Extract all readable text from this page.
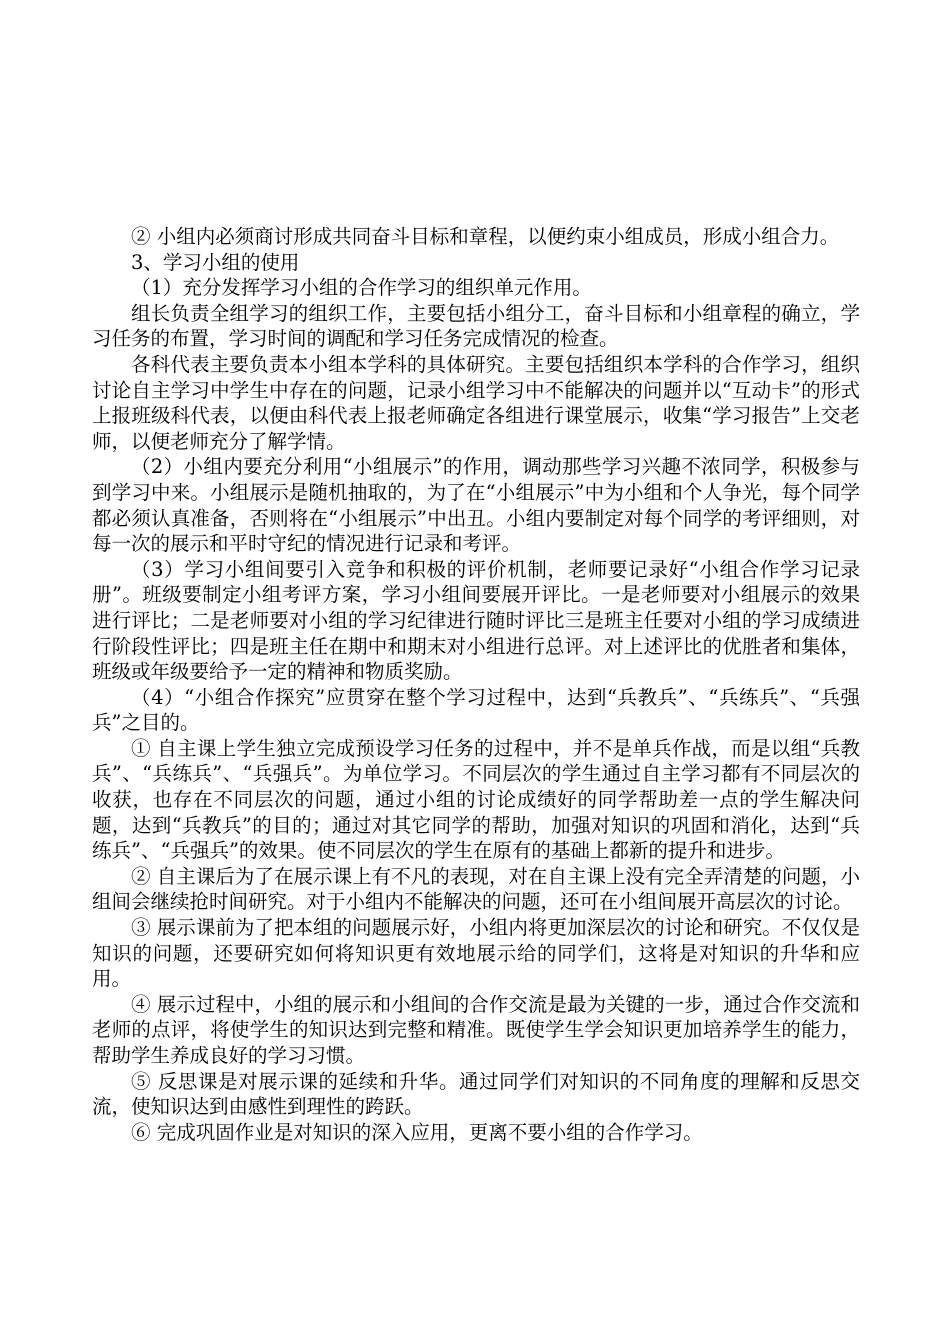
② 小组内必须商讨形成共同奋斗目标和章程，以便约束小组成员，形成小组合力。

3、学习小组的使用

（1）充分发挥学习小组的合作学习的组织单元作用。

组长负责全组学习的组织工作，主要包括小组分工，奋斗目标和小组章程的确立，学习任务的布置，学习时间的调配和学习任务完成情况的检查。

各科代表主要负责本小组本学科的具体研究。主要包括组织本学科的合作学习，组织讨论自主学习中学生中存在的问题，记录小组学习中不能解决的问题并以“互动卡”的形式上报班级科代表，以便由科代表上报老师确定各组进行课堂展示，收集“学习报告”上交老师，以便老师充分了解学情。

（2）小组内要充分利用“小组展示”的作用，调动那些学习兴趣不浓同学，积极参与到学习中来。小组展示是随机抽取的，为了在“小组展示”中为小组和个人争光，每个同学都必须认真准备，否则将在“小组展示”中出丑。小组内要制定对每个同学的考评细则，对每一次的展示和平时守纪的情况进行记录和考评。

（3）学习小组间要引入竞争和积极的评价机制，老师要记录好“小组合作学习记录册”。班级要制定小组考评方案，学习小组间要展开评比。一是老师要对小组展示的效果进行评比；二是老师要对小组的学习纪律进行随时评比三是班主任要对小组的学习成绩进行阶段性评比；四是班主任在期中和期末对小组进行总评。对上述评比的优胜者和集体，班级或年级要给予一定的精神和物质奖励。

（4）“小组合作探究”应贯穿在整个学习过程中，达到“兵教兵”、“兵练兵”、“兵强兵”之目的。

① 自主课上学生独立完成预设学习任务的过程中，并不是单兵作战，而是以组“兵教兵”、“兵练兵”、“兵强兵”。为单位学习。不同层次的学生通过自主学习都有不同层次的收获，也存在不同层次的问题，通过小组的讨论成绩好的同学帮助差一点的学生解决问题，达到“兵教兵”的目的；通过对其它同学的帮助，加强对知识的巩固和消化，达到“兵练兵”、“兵强兵”的效果。使不同层次的学生在原有的基础上都新的提升和进步。

② 自主课后为了在展示课上有不凡的表现，对在自主课上没有完全弄清楚的问题，小组间会继续抢时间研究。对于小组内不能解决的问题，还可在小组间展开高层次的讨论。

③ 展示课前为了把本组的问题展示好，小组内将更加深层次的讨论和研究。不仅仅是知识的问题，还要研究如何将知识更有效地展示给的同学们，这将是对知识的升华和应用。

④ 展示过程中，小组的展示和小组间的合作交流是最为关键的一步，通过合作交流和老师的点评，将使学生的知识达到完整和精准。既使学生学会知识更加培养学生的能力，帮助学生养成良好的学习习惯。

⑤ 反思课是对展示课的延续和升华。通过同学们对知识的不同角度的理解和反思交流，使知识达到由感性到理性的跨跃。

⑥ 完成巩固作业是对知识的深入应用，更离不要小组的合作学习。
